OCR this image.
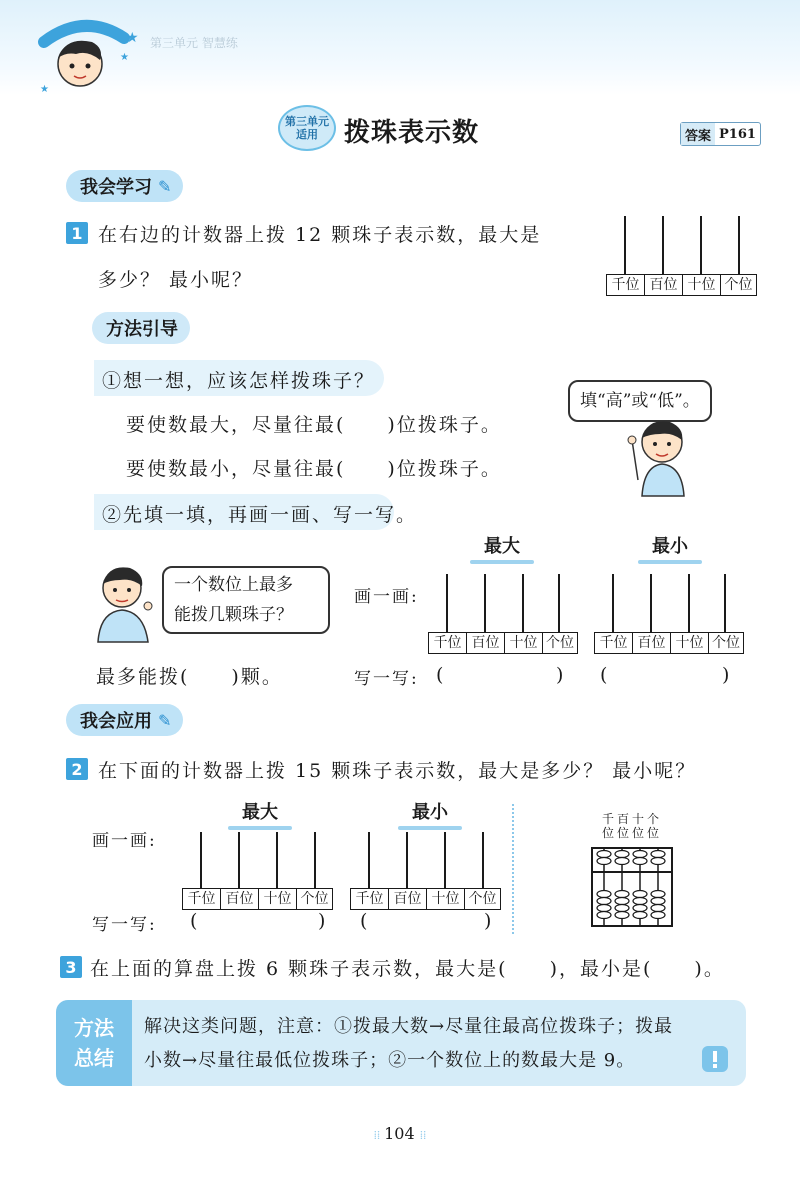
★
★
★
第三单元 智慧练
第三单元
适用 拨珠表示数	答案 P161
我会学习 ✎
1 在右边的计数器上拨 12 颗珠子表示数，最大是
多少？ 最小呢？	千位 百位 十位 个位
方法引导
①想一想，应该怎样拨珠子？
要使数最大，尽量往最(　　)位拨珠子。
要使数最小，尽量往最(　　)位拨珠子。
填“高”或“低”。
②先填一填，再画一画、写一写。
一个数位上最多
能拨几颗珠子？
最多能拨(　　)颗。
最大	最小
画一画:
千位 百位 十位 个位	千位 百位 十位 个位
写一写: (	) (	)
我会应用 ✎
2 在下面的计数器上拨 15 颗珠子表示数，最大是多少？ 最小呢？
最大	最小
画一画:
千位 百位 十位 个位	千位 百位 十位 个位
千百十个
位位位位
写一写: (	) (	)
3 在上面的算盘上拨 6 颗珠子表示数，最大是(　　)，最小是(　　)。
方法
总结
解决这类问题，注意：①拨最大数→尽量往最高位拨珠子；拨最
小数→尽量往最低位拨珠子；②一个数位上的数最大是 9。
⁞⁞ 104 ⁞⁞
